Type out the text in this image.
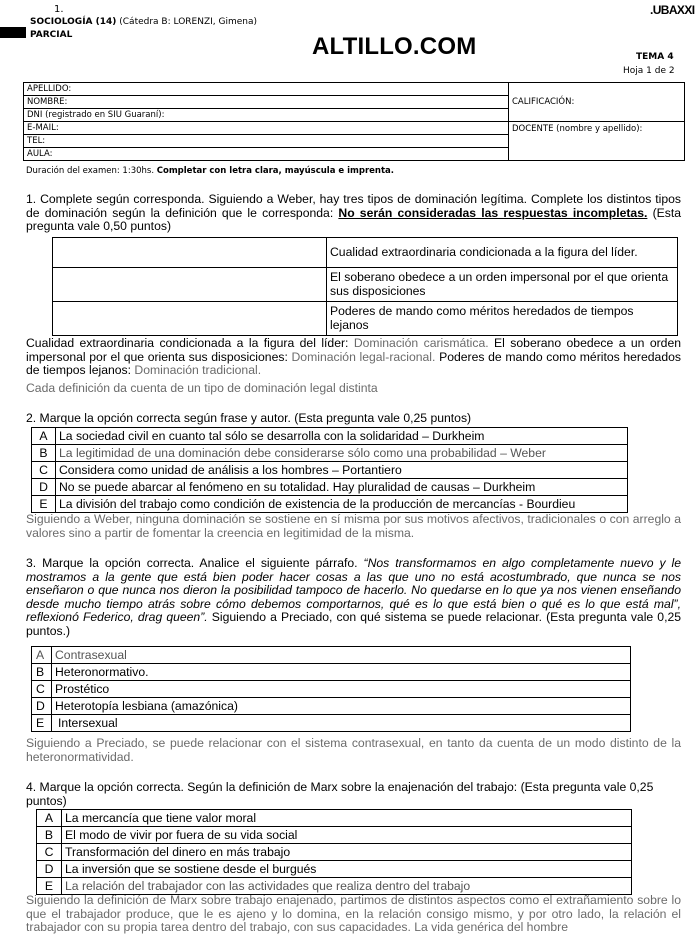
1.
SOCIOLOGÍA (14) (Cátedra B: LORENZI, Gimena)
PARCIAL	ALTILLO.COM
.UBAXXI
TEMA 4
Hoja 1 de 2
APELLIDO:	CALIFICACIÓN:
NOMBRE:	
DNI (registrado en SIU Guaraní):	
E-MAIL:	DOCENTE (nombre y apellido):
TEL:	
AULA:	
Duración del examen: 1:30hs. Completar con letra clara, mayúscula e imprenta.
1. Complete según corresponda. Siguiendo a Weber, hay tres tipos de dominación legítima. Complete los distintos tipos de dominación según la definición que le corresponda: No serán consideradas las respuestas incompletas. (Esta pregunta vale 0,50 puntos)
	Cualidad extraordinaria condicionada a la figura del líder.
	El soberano obedece a un orden impersonal por el que orienta sus disposiciones
	Poderes de mando como méritos heredados de tiempos lejanos
Cualidad extraordinaria condicionada a la figura del líder: Dominación carismática. El soberano obedece a un orden impersonal por el que orienta sus disposiciones: Dominación legal-racional. Poderes de mando como méritos heredados de tiempos lejanos: Dominación tradicional.
Cada definición da cuenta de un tipo de dominación legal distinta
2. Marque la opción correcta según frase y autor. (Esta pregunta vale 0,25 puntos)
A	La sociedad civil en cuanto tal sólo se desarrolla con la solidaridad – Durkheim
B	La legitimidad de una dominación debe considerarse sólo como una probabilidad – Weber
C	Considera como unidad de análisis a los hombres – Portantiero
D	No se puede abarcar al fenómeno en su totalidad. Hay pluralidad de causas – Durkheim
E	La división del trabajo como condición de existencia de la producción de mercancías - Bourdieu
Siguiendo a Weber, ninguna dominación se sostiene en sí misma por sus motivos afectivos, tradicionales o con arreglo a valores sino a partir de fomentar la creencia en legitimidad de la misma.
3. Marque la opción correcta. Analice el siguiente párrafo. “Nos transformamos en algo completamente nuevo y le mostramos a la gente que está bien poder hacer cosas a las que uno no está acostumbrado, que nunca se nos enseñaron o que nunca nos dieron la posibilidad tampoco de hacerlo. No quedarse en lo que ya nos vienen enseñando desde mucho tiempo atrás sobre cómo debemos comportarnos, qué es lo que está bien o qué es lo que está mal”, reflexionó Federico, drag queen”. Siguiendo a Preciado, con qué sistema se puede relacionar. (Esta pregunta vale 0,25 puntos.)
A	Contrasexual
B	Heteronormativo.
C	Prostético
D	Heterotopía lesbiana (amazónica)
E	Intersexual
Siguiendo a Preciado, se puede relacionar con el sistema contrasexual, en tanto da cuenta de un modo distinto de la heteronormatividad.
4. Marque la opción correcta. Según la definición de Marx sobre la enajenación del trabajo: (Esta pregunta vale 0,25 puntos)
A	La mercancía que tiene valor moral
B	El modo de vivir por fuera de su vida social
C	Transformación del dinero en más trabajo
D	La inversión que se sostiene desde el burgués
E	La relación del trabajador con las actividades que realiza dentro del trabajo
Siguiendo la definición de Marx sobre trabajo enajenado, partimos de distintos aspectos como el extrañamiento sobre lo que el trabajador produce, que le es ajeno y lo domina, en la relación consigo mismo, y por otro lado, la relación el trabajador con su propia tarea dentro del trabajo, con sus capacidades. La vida genérica del hombre
